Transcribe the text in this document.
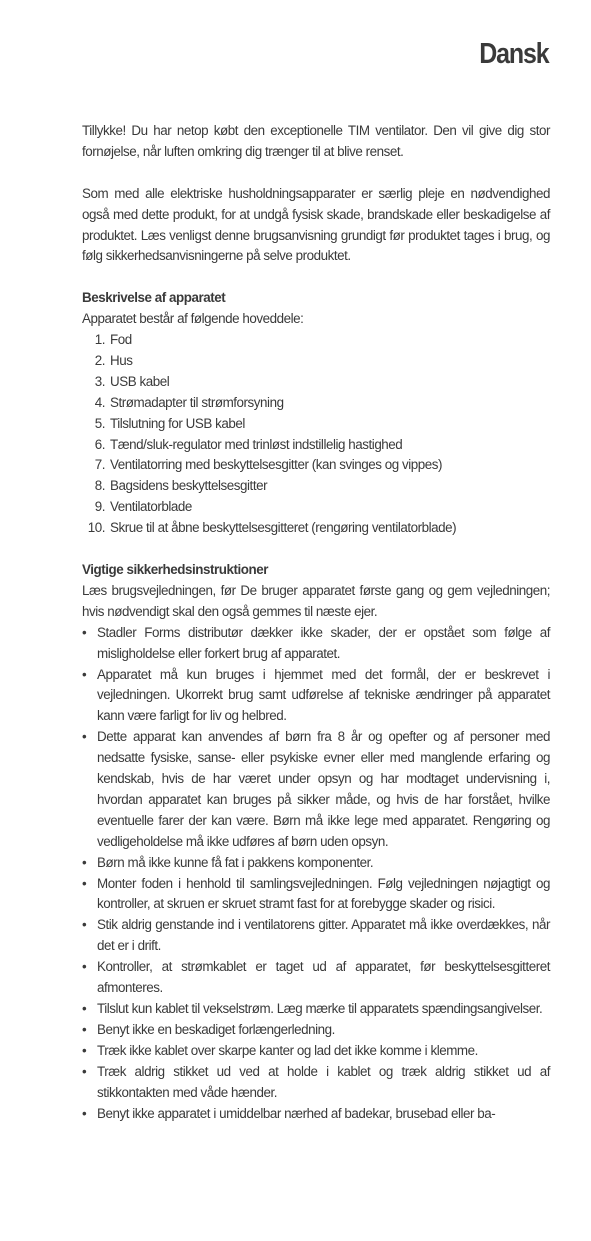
Dansk

Tillykke! Du har netop købt den exceptionelle TIM ventilator. Den vil give dig stor fornøjelse, når luften omkring dig trænger til at blive renset.

Som med alle elektriske husholdningsapparater er særlig pleje en nødvendighed også med dette produkt, for at undgå fysisk skade, brandskade eller beskadigelse af produktet. Læs venligst denne brugsanvisning grundigt før produktet tages i brug, og følg sikkerhedsanvisningerne på selve produktet.

Beskrivelse af apparatet

Apparatet består af følgende hoveddele:

1. Fod
2. Hus
3. USB kabel
4. Strømadapter til strømforsyning
5. Tilslutning for USB kabel
6. Tænd/sluk-regulator med trinløst indstillelig hastighed
7. Ventilatorring med beskyttelsesgitter (kan svinges og vippes)
8. Bagsidens beskyttelsesgitter
9. Ventilatorblade
10. Skrue til at åbne beskyttelsesgitteret (rengøring ventilatorblade)

Vigtige sikkerhedsinstruktioner

Læs brugsvejledningen, før De bruger apparatet første gang og gem vejledningen; hvis nødvendigt skal den også gemmes til næste ejer.

• Stadler Forms distributør dækker ikke skader, der er opstået som følge af misligholdelse eller forkert brug af apparatet.
• Apparatet må kun bruges i hjemmet med det formål, der er beskrevet i vejledningen. Ukorrekt brug samt udførelse af tekniske ændringer på apparatet kann være farligt for liv og helbred.
• Dette apparat kan anvendes af børn fra 8 år og opefter og af personer med nedsatte fysiske, sanse- eller psykiske evner eller med manglende erfaring og kendskab, hvis de har været under opsyn og har modtaget undervisning i, hvordan apparatet kan bruges på sikker måde, og hvis de har forstået, hvilke eventuelle farer der kan være. Børn må ikke lege med apparatet. Rengøring og vedligeholdelse må ikke udføres af børn uden opsyn.
• Børn må ikke kunne få fat i pakkens komponenter.
• Monter foden i henhold til samlingsvejledningen. Følg vejledningen nøjagtigt og kontroller, at skruen er skruet stramt fast for at forebygge skader og risici.
• Stik aldrig genstande ind i ventilatorens gitter. Apparatet må ikke overdækkes, når det er i drift.
• Kontroller, at strømkablet er taget ud af apparatet, før beskyttelsesgitteret afmonteres.
• Tilslut kun kablet til vekselstrøm. Læg mærke til apparatets spændingsangivelser.
• Benyt ikke en beskadiget forlængerledning.
• Træk ikke kablet over skarpe kanter og lad det ikke komme i klemme.
• Træk aldrig stikket ud ved at holde i kablet og træk aldrig stikket ud af stikkontakten med våde hænder.
• Benyt ikke apparatet i umiddelbar nærhed af badekar, brusebad eller ba-
